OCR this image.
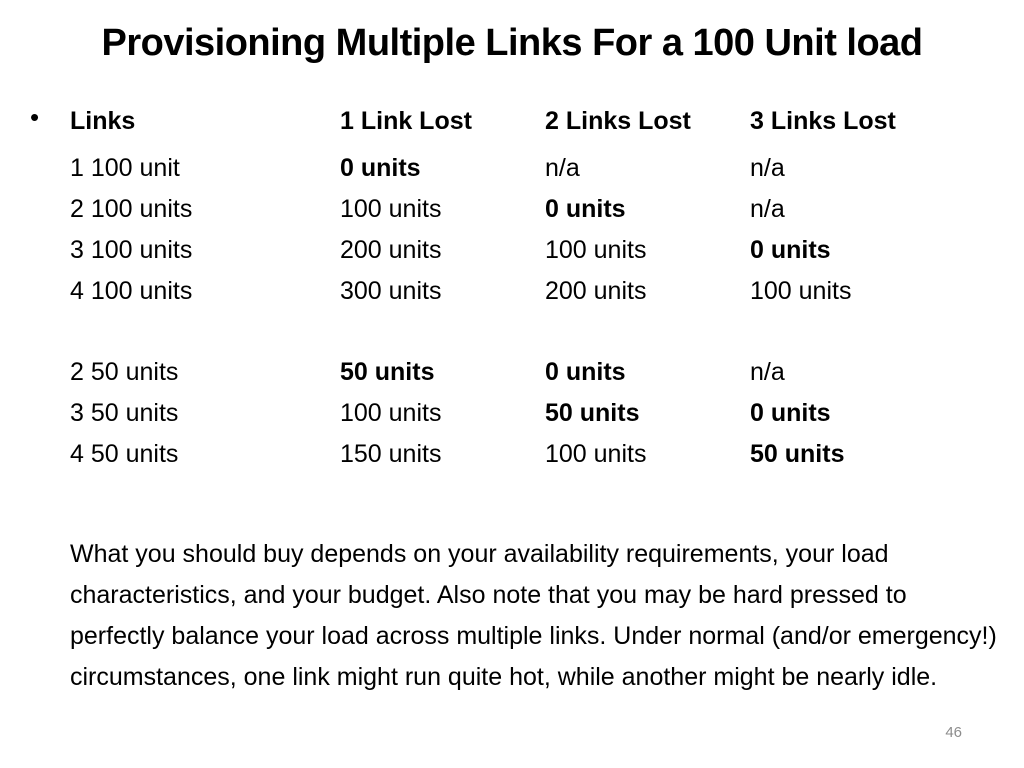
Provisioning Multiple Links For a 100 Unit load
• Links	1 Link Lost	2 Links Lost	3 Links Lost
1 100 unit	0 units	n/a	n/a
2 100 units	100 units	0 units	n/a
3 100 units	200 units	100 units	0 units
4 100 units	300 units	200 units	100 units
2 50 units	50 units	0 units	n/a
3 50 units	100 units	50 units	0 units
4 50 units	150 units	100 units	50 units
What you should buy depends on your availability requirements, your load characteristics, and your budget. Also note that you may be hard pressed to perfectly balance your load across multiple links. Under normal (and/or emergency!) circumstances, one link might run quite hot, while another might be nearly idle.
46
